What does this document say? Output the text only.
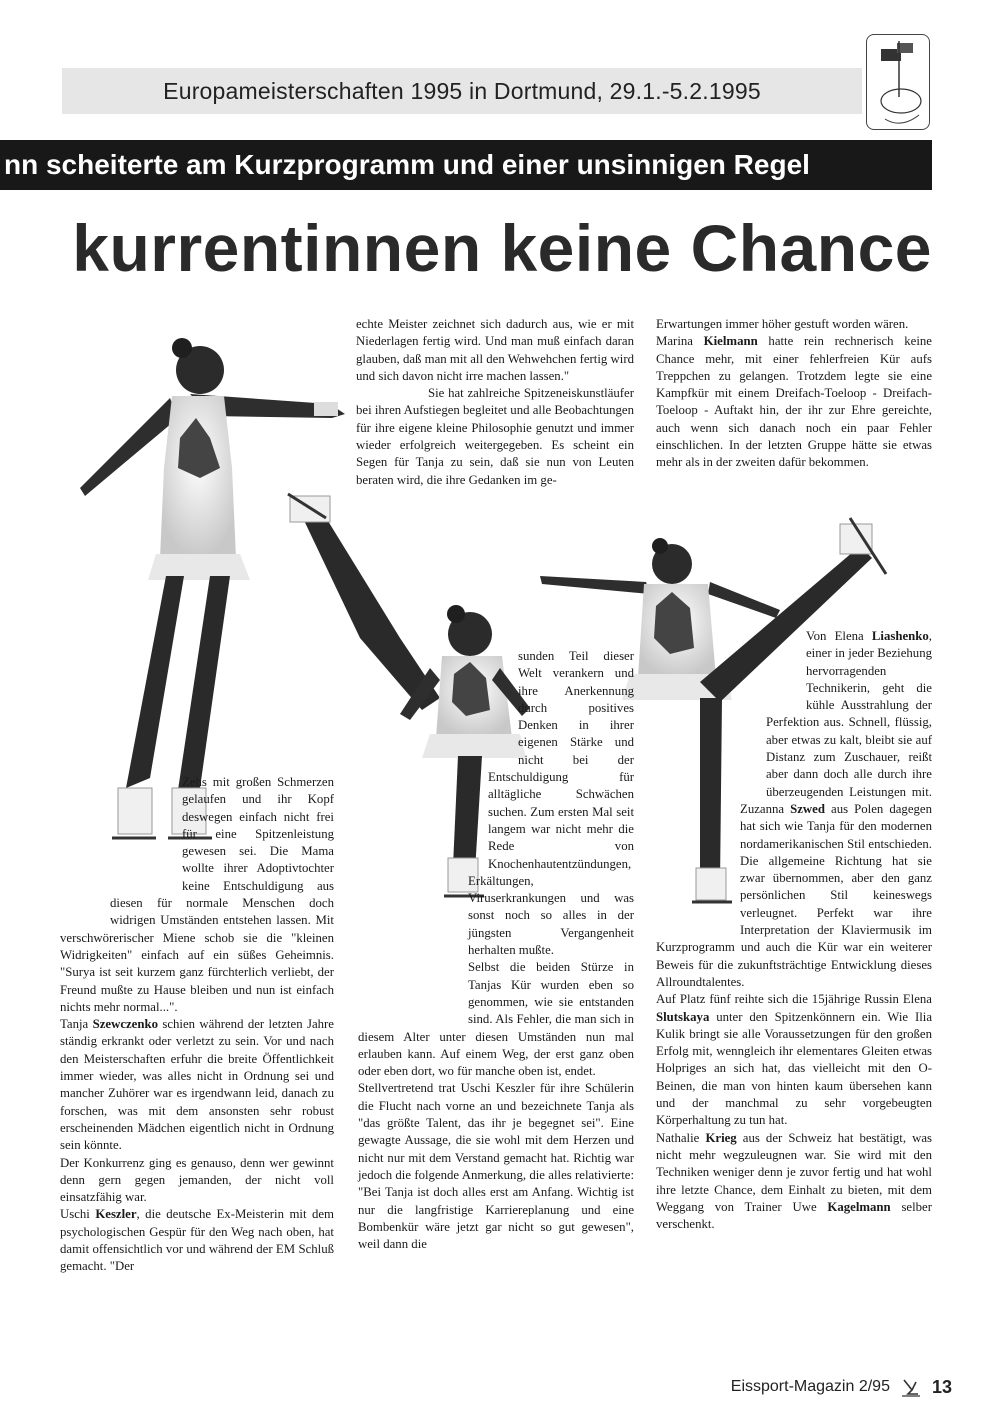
Europameisterschaften 1995 in Dortmund, 29.1.-5.2.1995
nn scheiterte am Kurzprogramm und einer unsinnigen Regel
kurrentinnen keine Chance

echte Meister zeichnet sich dadurch aus, wie er mit Niederlagen fertig wird. Und man muß einfach daran glauben, daß man mit all den Wehwehchen fertig wird und sich davon nicht irre machen lassen."

Sie hat zahlreiche Spitzeneiskunstläufer bei ihren Aufstiegen begleitet und alle Beobachtungen für ihre eigene kleine Philosophie genutzt und immer wieder erfolgreich weitergegeben. Es scheint ein Segen für Tanja zu sein, daß sie nun von Leuten beraten wird, die ihre Gedanken im ge-

Erwartungen immer höher gestuft worden wären.

Marina Kielmann hatte rein rechnerisch keine Chance mehr, mit einer fehlerfreien Kür aufs Treppchen zu gelangen. Trotzdem legte sie eine Kampfkür mit einem Dreifach-Toeloop - Dreifach-Toeloop - Auftakt hin, der ihr zur Ehre gereichte, auch wenn sich danach noch ein paar Fehler einschlichen. In der letzten Gruppe hätte sie etwas mehr als in der zweiten dafür bekommen.

Zehs mit großen Schmerzen gelaufen und ihr Kopf deswegen einfach nicht frei für eine Spitzenleistung gewesen sei. Die Mama wollte ihrer Adoptivtochter keine Entschuldigung aus diesen für normale Menschen doch widrigen Umständen entstehen lassen. Mit verschwörerischer Miene schob sie die "kleinen Widrigkeiten" einfach auf ein süßes Geheimnis. "Surya ist seit kurzem ganz fürchterlich verliebt, der Freund mußte zu Hause bleiben und nun ist einfach nichts mehr normal...".

Tanja Szewczenko schien während der letzten Jahre ständig erkrankt oder verletzt zu sein. Vor und nach den Meisterschaften erfuhr die breite Öffentlichkeit immer wieder, was alles nicht in Ordnung sei und mancher Zuhörer war es irgendwann leid, danach zu forschen, was mit dem ansonsten sehr robust erscheinenden Mädchen eigentlich nicht in Ordnung sein könnte.

Der Konkurrenz ging es genauso, denn wer gewinnt denn gern gegen jemanden, der nicht voll einsatzfähig war.

Uschi Keszler, die deutsche Ex-Meisterin mit dem psychologischen Gespür für den Weg nach oben, hat damit offensichtlich vor und während der EM Schluß gemacht. "Der

sunden Teil dieser Welt verankern und ihre Anerkennung durch positives Denken in ihrer eigenen Stärke und nicht bei der Entschuldigung für alltägliche Schwächen suchen. Zum ersten Mal seit langem war nicht mehr die Rede von Knochenhautentzündungen, Erkältungen, Viruserkrankungen und was sonst noch so alles in der jüngsten Vergangenheit herhalten mußte.

Selbst die beiden Stürze in Tanjas Kür wurden eben so genommen, wie sie entstanden sind. Als Fehler, die man sich in diesem Alter unter diesen Umständen nun mal erlauben kann. Auf einem Weg, der erst ganz oben oder eben dort, wo für manche oben ist, endet.

Stellvertretend trat Uschi Keszler für ihre Schülerin die Flucht nach vorne an und bezeichnete Tanja als "das größte Talent, das ihr je begegnet sei". Eine gewagte Aussage, die sie wohl mit dem Herzen und nicht nur mit dem Verstand gemacht hat. Richtig war jedoch die folgende Anmerkung, die alles relativierte: "Bei Tanja ist doch alles erst am Anfang. Wichtig ist nur die langfristige Karriereplanung und eine Bombenkür wäre jetzt gar nicht so gut gewesen", weil dann die

Von Elena Liashenko, einer in jeder Beziehung hervorragenden Technikerin, geht die kühle Ausstrahlung der Perfektion aus. Schnell, flüssig, aber etwas zu kalt, bleibt sie auf Distanz zum Zuschauer, reißt aber dann doch alle durch ihre überzeugenden Leistungen mit. Zuzanna Szwed aus Polen dagegen hat sich wie Tanja für den modernen nordamerikanischen Stil entschieden. Die allgemeine Richtung hat sie zwar übernommen, aber den ganz persönlichen Stil keineswegs verleugnet. Perfekt war ihre Interpretation der Klaviermusik im Kurzprogramm und auch die Kür war ein weiterer Beweis für die zukunftsträchtige Entwicklung dieses Allroundtalentes.

Auf Platz fünf reihte sich die 15jährige Russin Elena Slutskaya unter den Spitzenkönnern ein. Wie Ilia Kulik bringt sie alle Voraussetzungen für den großen Erfolg mit, wenngleich ihr elementares Gleiten etwas Holpriges an sich hat, das vielleicht mit den O-Beinen, die man von hinten kaum übersehen kann und der manchmal zu sehr vorgebeugten Körperhaltung zu tun hat.

Nathalie Krieg aus der Schweiz hat bestätigt, was nicht mehr wegzuleugnen war. Sie wird mit den Techniken weniger denn je zuvor fertig und hat wohl ihre letzte Chance, dem Einhalt zu bieten, mit dem Weggang von Trainer Uwe Kagelmann selber verschenkt.

Eissport-Magazin 2/95 13
